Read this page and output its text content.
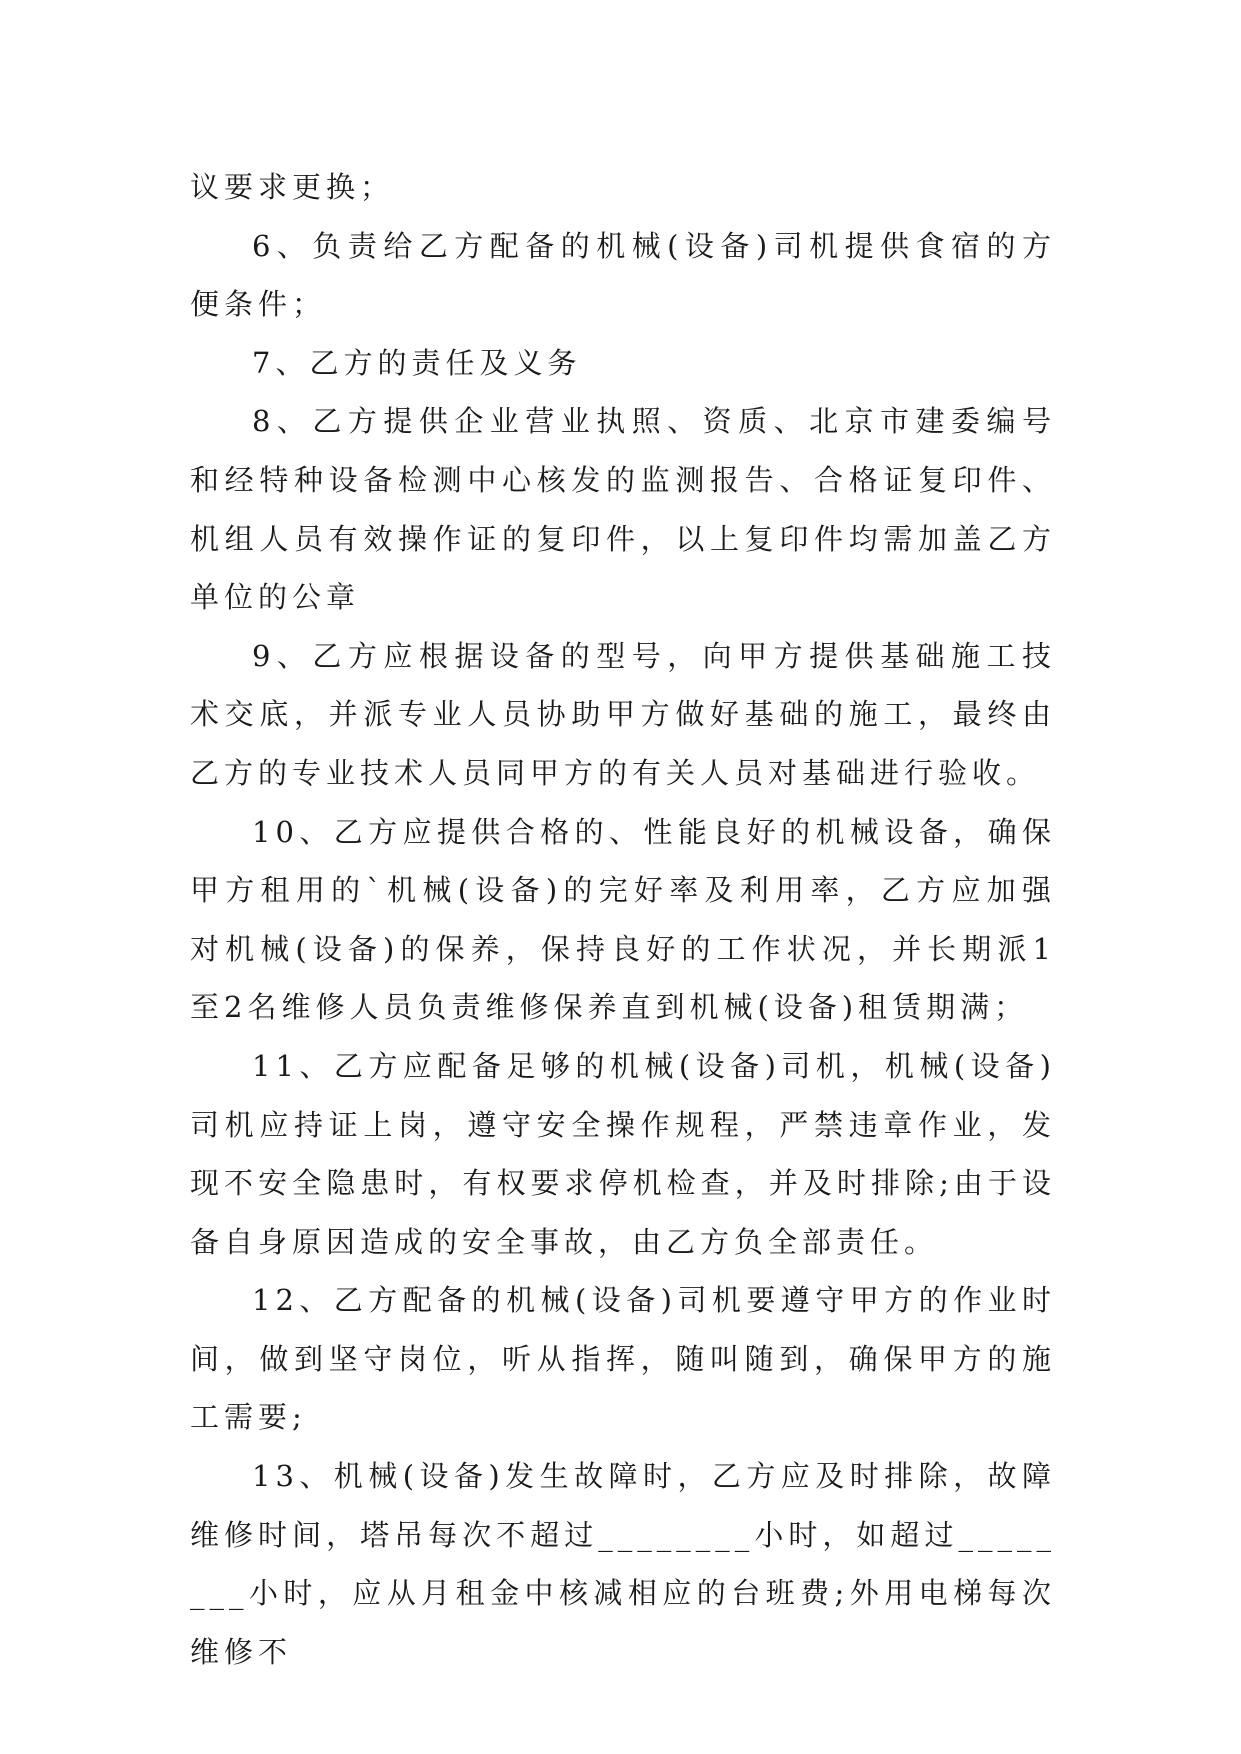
议要求更换；

6、负责给乙方配备的机械(设备)司机提供食宿的方便条件；

7、乙方的责任及义务

8、乙方提供企业营业执照、资质、北京市建委编号和经特种设备检测中心核发的监测报告、合格证复印件、机组人员有效操作证的复印件，以上复印件均需加盖乙方单位的公章

9、乙方应根据设备的型号，向甲方提供基础施工技术交底，并派专业人员协助甲方做好基础的施工，最终由乙方的专业技术人员同甲方的有关人员对基础进行验收。

10、乙方应提供合格的、性能良好的机械设备，确保甲方租用的`机械(设备)的完好率及利用率，乙方应加强对机械(设备)的保养，保持良好的工作状况，并长期派1至2名维修人员负责维修保养直到机械(设备)租赁期满；

11、乙方应配备足够的机械(设备)司机，机械(设备)司机应持证上岗，遵守安全操作规程，严禁违章作业，发现不安全隐患时，有权要求停机检查，并及时排除;由于设备自身原因造成的安全事故，由乙方负全部责任。

12、乙方配备的机械(设备)司机要遵守甲方的作业时间，做到坚守岗位，听从指挥，随叫随到，确保甲方的施工需要;

13、机械(设备)发生故障时，乙方应及时排除，故障维修时间，塔吊每次不超过________小时，如超过________小时，应从月租金中核减相应的台班费;外用电梯每次维修不
